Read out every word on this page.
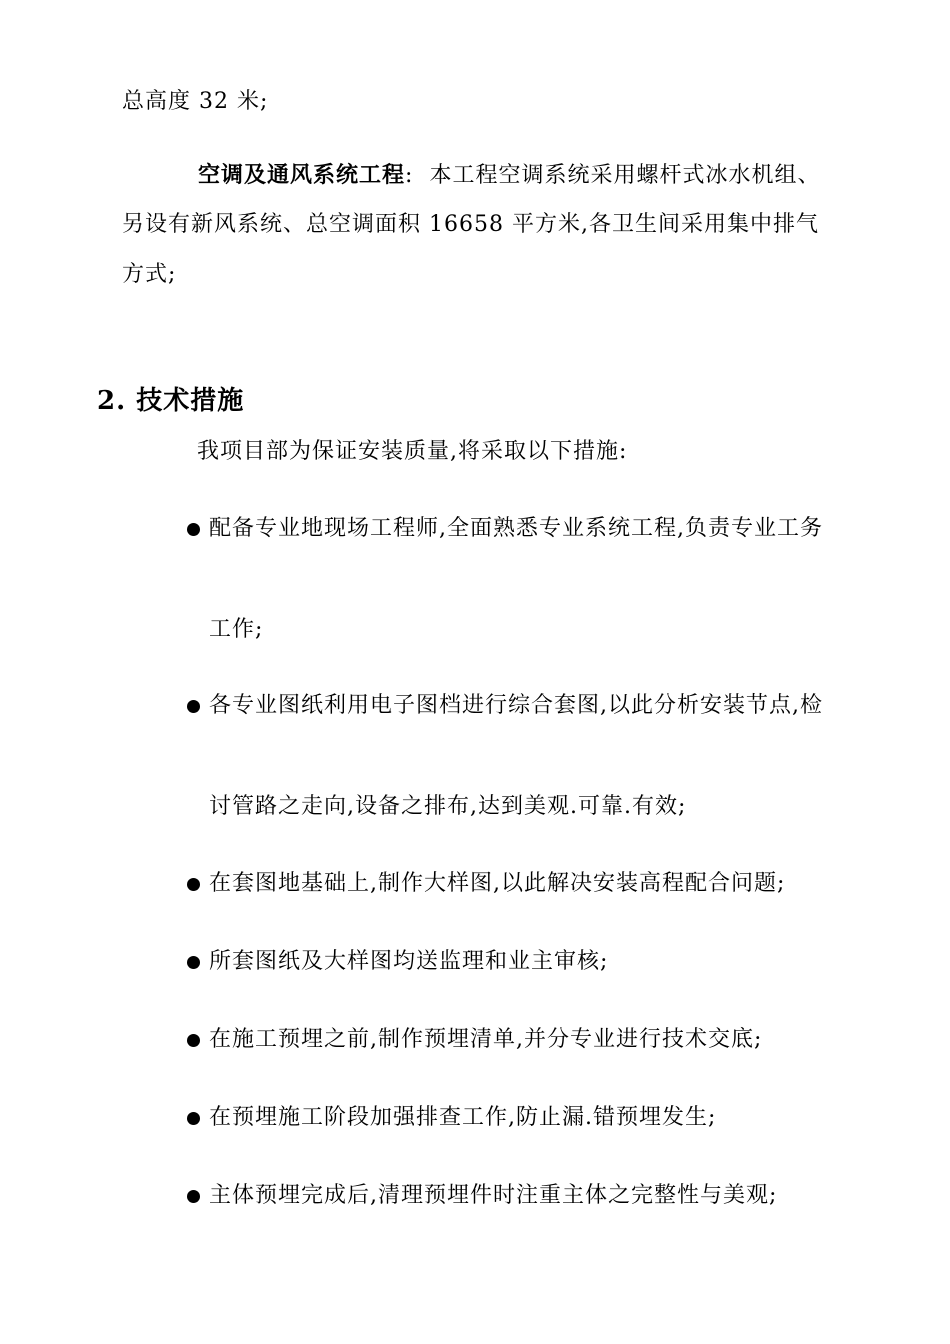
总高度 32 米;
空调及通风系统工程: 本工程空调系统采用螺杆式冰水机组、
另设有新风系统、总空调面积 16658 平方米,各卫生间采用集中排气
方式;
2. 技术措施
我项目部为保证安装质量,将采取以下措施:
配备专业地现场工程师,全面熟悉专业系统工程,负责专业工务
工作;
各专业图纸利用电子图档进行综合套图,以此分析安装节点,检
讨管路之走向,设备之排布,达到美观.可靠.有效;
在套图地基础上,制作大样图,以此解决安装高程配合问题;
所套图纸及大样图均送监理和业主审核;
在施工预埋之前,制作预埋清单,并分专业进行技术交底;
在预埋施工阶段加强排查工作,防止漏.错预埋发生;
主体预埋完成后,清理预埋件时注重主体之完整性与美观;
